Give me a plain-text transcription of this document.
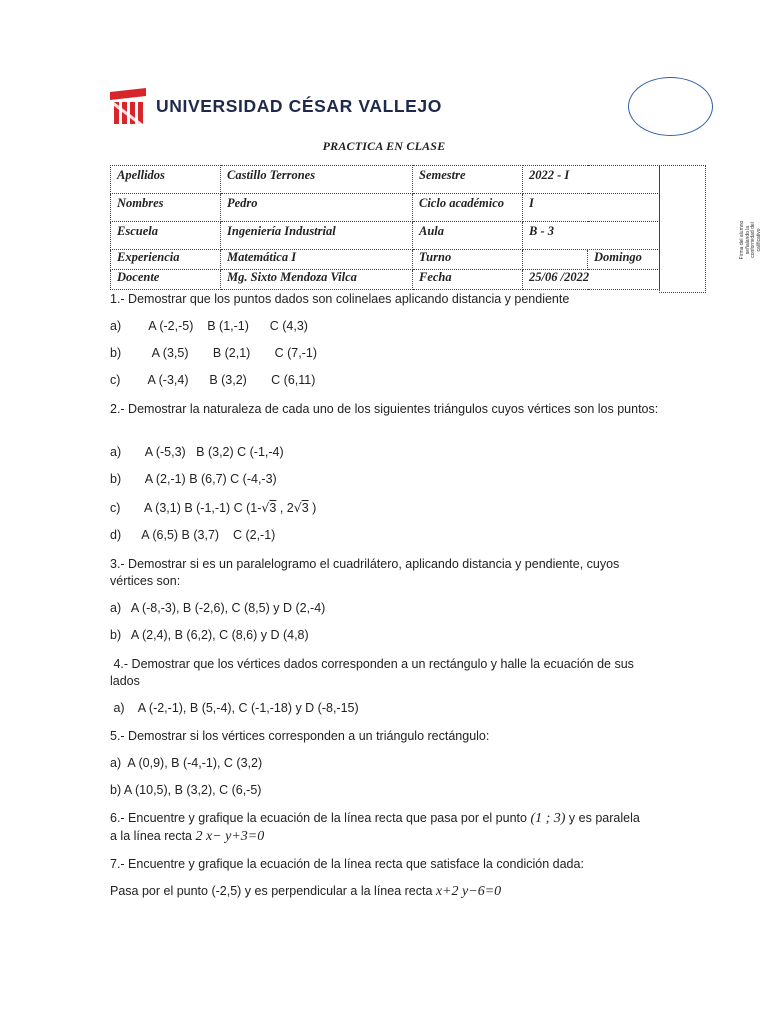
UNIVERSIDAD CÉSAR VALLEJO
PRACTICA EN CLASE
Apellidos	Castillo Terrones	Semestre	2022 - I	
Nombres	Pedro	Ciclo académico	I	
Escuela	Ingeniería Industrial	Aula	B - 3	
Experiencia	Matemática I	Turno		Domingo
Docente	Mg. Sixto Mendoza Vilca	Fecha	25/06 /2022	
Firma del alumno señalando la conformidad del calificativo
1.- Demostrar que los puntos dados son colinelaes aplicando distancia y pendiente
a)        A (-2,-5)    B (1,-1)      C (4,3)
b)         A (3,5)       B (2,1)       C (7,-1)
c)        A (-3,4)      B (3,2)       C (6,11)
2.- Demostrar la naturaleza de cada uno de los siguientes triángulos cuyos vértices son los puntos:
a)       A (-5,3)   B (3,2) C (-1,-4)
b)       A (2,-1) B (6,7) C (-4,-3)
c)       A (3,1) B (-1,-1) C (1-√3 , 2√3 )
d)      A (6,5) B (3,7)    C (2,-1)
3.- Demostrar si es un paralelogramo el cuadrilátero, aplicando distancia y pendiente, cuyos vértices son:
a)   A (-8,-3), B (-2,6), C (8,5) y D (2,-4)
b)   A (2,4), B (6,2), C (8,6) y D (4,8)
4.- Demostrar que los vértices dados corresponden a un rectángulo y halle la ecuación de sus lados
a)    A (-2,-1), B (5,-4), C (-1,-18) y D (-8,-15)
5.- Demostrar si los vértices corresponden a un triángulo rectángulo:
a)  A (0,9), B (-4,-1), C (3,2)
b) A (10,5), B (3,2), C (6,-5)
6.- Encuentre y grafique la ecuación de la línea recta que pasa por el punto (1 ; 3) y es paralela
a la línea recta 2 x− y+3=0
7.- Encuentre y grafique la ecuación de la línea recta que satisface la condición dada:
Pasa por el punto (-2,5) y es perpendicular a la línea recta x+2 y−6=0
